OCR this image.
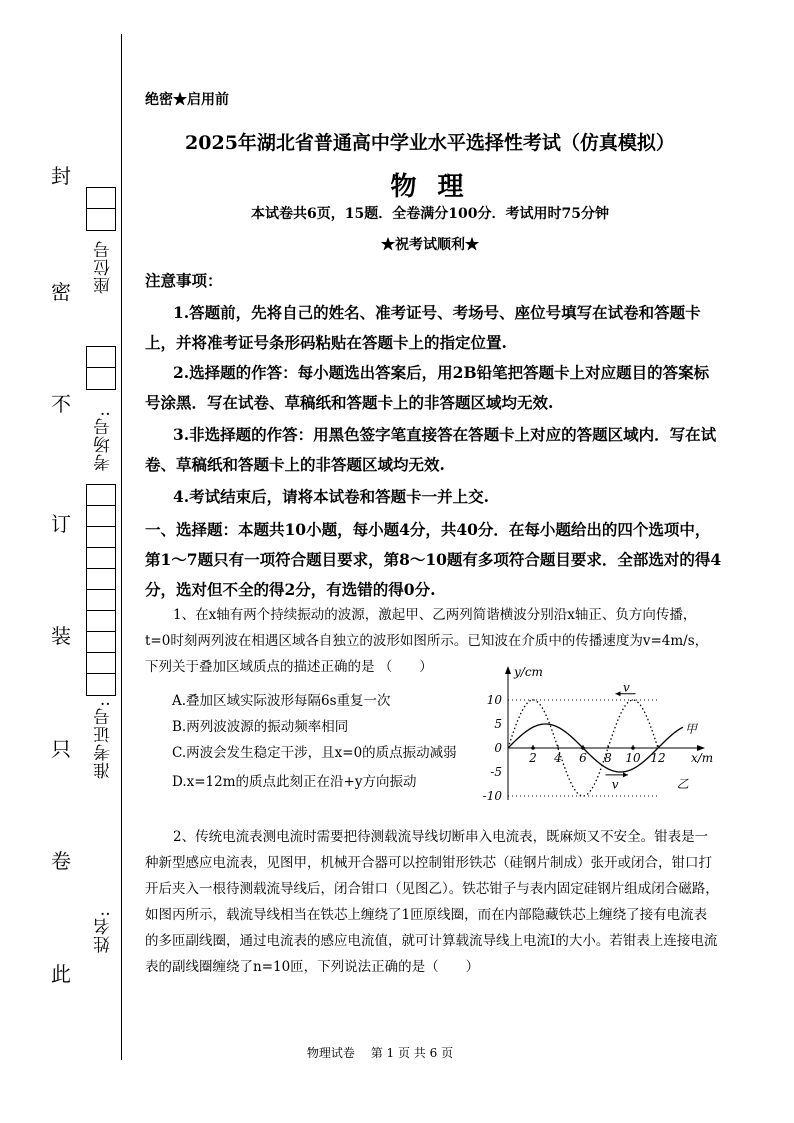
封
密
不
订
装
只
卷
此
座位号
考场号:
准考证号:
姓名:
绝密★启用前
2025年湖北省普通高中学业水平选择性考试（仿真模拟）
物 理
本试卷共6页，15题．全卷满分100分．考试用时75分钟
★祝考试顺利★
注意事项：
1.答题前，先将自己的姓名、准考证号、考场号、座位号填写在试卷和答题卡上，并将准考证号条形码粘贴在答题卡上的指定位置.
2.选择题的作答：每小题选出答案后，用2B铅笔把答题卡上对应题目的答案标号涂黑．写在试卷、草稿纸和答题卡上的非答题区域均无效.
3.非选择题的作答：用黑色签字笔直接答在答题卡上对应的答题区域内．写在试卷、草稿纸和答题卡上的非答题区域均无效.
4.考试结束后，请将本试卷和答题卡一并上交.
一、选择题：本题共10小题，每小题4分，共40分．在每小题给出的四个选项中，第1～7题只有一项符合题目要求，第8～10题有多项符合题目要求．全部选对的得4分，选对但不全的得2分，有选错的得0分.
1、在x轴有两个持续振动的波源，激起甲、乙两列简谐横波分别沿x轴正、负方向传播，t=0时刻两列波在相遇区域各自独立的波形如图所示。已知波在介质中的传播速度为v=4m/s，下列关于叠加区域质点的描述正确的是 （　　）
A.叠加区域实际波形每隔6s重复一次
B.两列波波源的振动频率相同
C.两波会发生稳定干涉，且x=0的质点振动减弱
D.x=12m的质点此刻正在沿+y方向振动
2 4 6 8 10 12
10
5
0
-5
-10
y/cm
x/m
甲
乙
v
v
2、传统电流表测电流时需要把待测载流导线切断串入电流表，既麻烦又不安全。钳表是一种新型感应电流表，见图甲，机械开合器可以控制钳形铁芯（硅钢片制成）张开或闭合，钳口打开后夹入一根待测载流导线后，闭合钳口（见图乙）。铁芯钳子与表内固定硅钢片组成闭合磁路，如图丙所示，载流导线相当在铁芯上缠绕了1匝原线圈，而在内部隐藏铁芯上缠绕了接有电流表的多匝副线圈，通过电流表的感应电流值，就可计算载流导线上电流I的大小。若钳表上连接电流表的副线圈缠绕了n=10匝，下列说法正确的是（　　）
物理试卷　 第 1 页 共 6 页
